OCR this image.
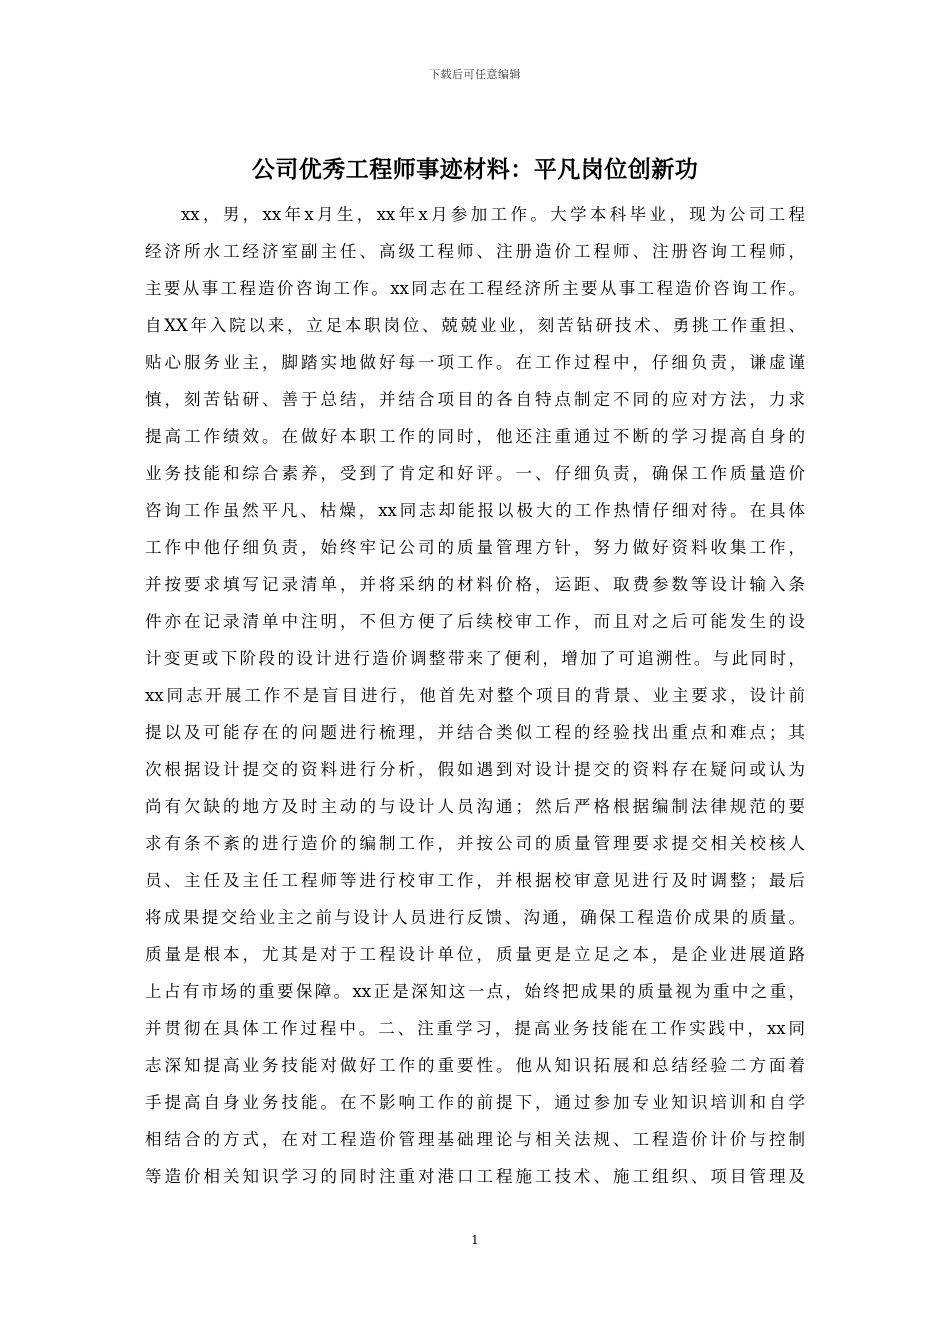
下载后可任意编辑
公司优秀工程师事迹材料：平凡岗位创新功
xx，男，xx年x月生，xx年x月参加工作。大学本科毕业，现为公司工程
经济所水工经济室副主任、高级工程师、注册造价工程师、注册咨询工程师，
主要从事工程造价咨询工作。xx同志在工程经济所主要从事工程造价咨询工作。
自XX年入院以来，立足本职岗位、兢兢业业，刻苦钻研技术、勇挑工作重担、
贴心服务业主，脚踏实地做好每一项工作。在工作过程中，仔细负责，谦虚谨
慎，刻苦钻研、善于总结，并结合项目的各自特点制定不同的应对方法，力求
提高工作绩效。在做好本职工作的同时，他还注重通过不断的学习提高自身的
业务技能和综合素养，受到了肯定和好评。一、仔细负责，确保工作质量造价
咨询工作虽然平凡、枯燥，xx同志却能报以极大的工作热情仔细对待。在具体
工作中他仔细负责，始终牢记公司的质量管理方针，努力做好资料收集工作，
并按要求填写记录清单，并将采纳的材料价格，运距、取费参数等设计输入条
件亦在记录清单中注明，不但方便了后续校审工作，而且对之后可能发生的设
计变更或下阶段的设计进行造价调整带来了便利，增加了可追溯性。与此同时，
xx同志开展工作不是盲目进行，他首先对整个项目的背景、业主要求，设计前
提以及可能存在的问题进行梳理，并结合类似工程的经验找出重点和难点；其
次根据设计提交的资料进行分析，假如遇到对设计提交的资料存在疑问或认为
尚有欠缺的地方及时主动的与设计人员沟通；然后严格根据编制法律规范的要
求有条不紊的进行造价的编制工作，并按公司的质量管理要求提交相关校核人
员、主任及主任工程师等进行校审工作，并根据校审意见进行及时调整；最后
将成果提交给业主之前与设计人员进行反馈、沟通，确保工程造价成果的质量。
质量是根本，尤其是对于工程设计单位，质量更是立足之本，是企业进展道路
上占有市场的重要保障。xx正是深知这一点，始终把成果的质量视为重中之重，
并贯彻在具体工作过程中。二、注重学习，提高业务技能在工作实践中，xx同
志深知提高业务技能对做好工作的重要性。他从知识拓展和总结经验二方面着
手提高自身业务技能。在不影响工作的前提下，通过参加专业知识培训和自学
相结合的方式，在对工程造价管理基础理论与相关法规、工程造价计价与控制
等造价相关知识学习的同时注重对港口工程施工技术、施工组织、项目管理及
1
